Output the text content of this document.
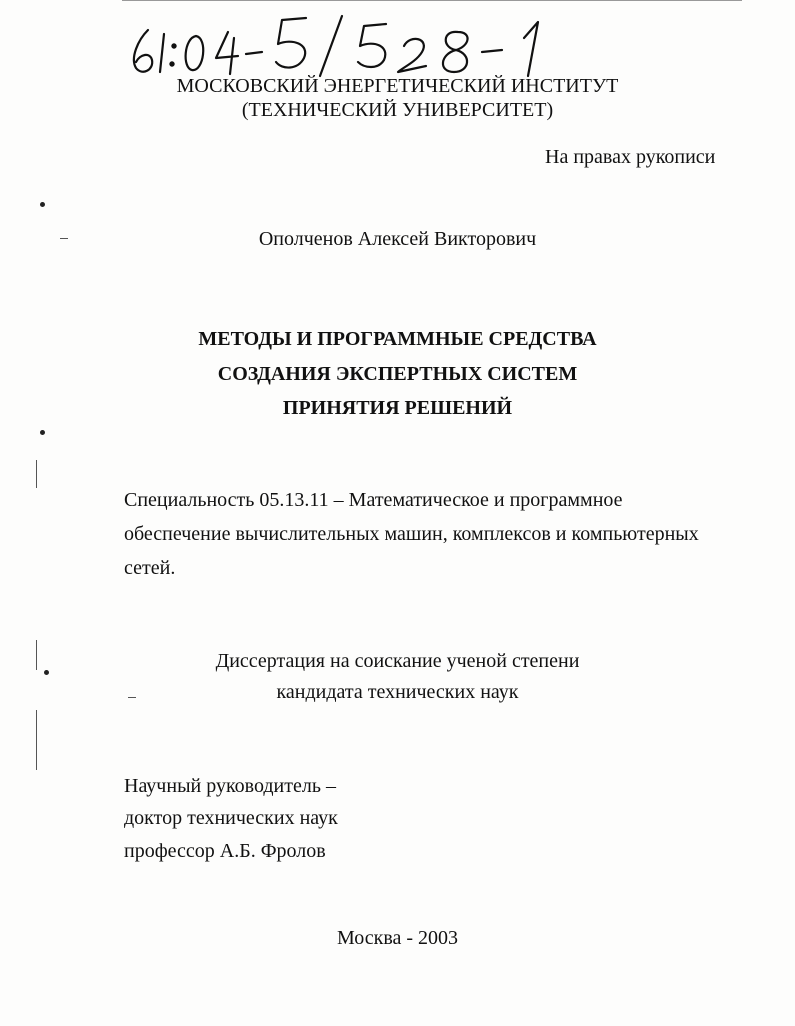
МОСКОВСКИЙ ЭНЕРГЕТИЧЕСКИЙ ИНСТИТУТ
(ТЕХНИЧЕСКИЙ УНИВЕРСИТЕТ)
На правах рукописи
Ополченов Алексей Викторович
МЕТОДЫ И ПРОГРАММНЫЕ СРЕДСТВА
СОЗДАНИЯ ЭКСПЕРТНЫХ СИСТЕМ
ПРИНЯТИЯ РЕШЕНИЙ
Специальность 05.13.11 – Математическое и программное
обеспечение вычислительных машин, комплексов и компьютерных
сетей.
Диссертация на соискание ученой степени
кандидата технических наук
Научный руководитель –
доктор технических наук
профессор А.Б. Фролов
Москва - 2003
